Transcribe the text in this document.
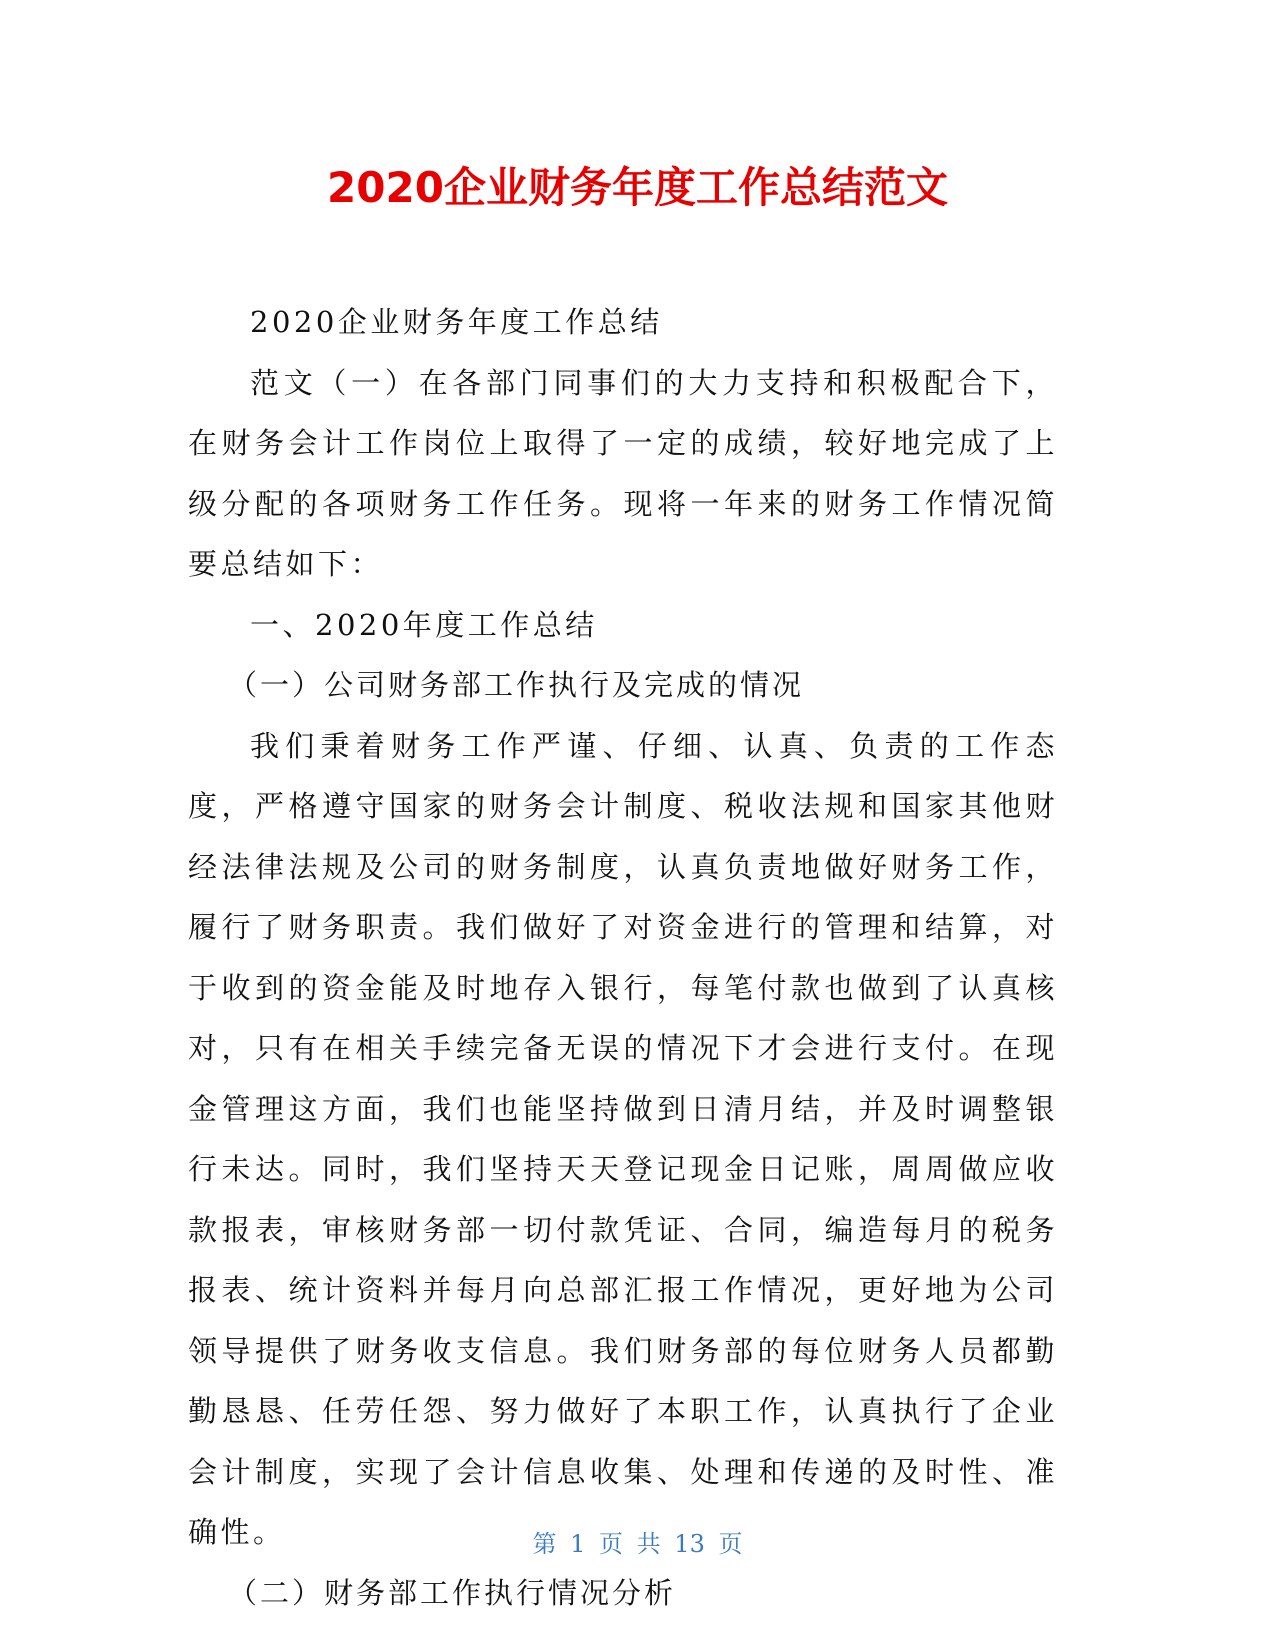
2020企业财务年度工作总结范文

2020企业财务年度工作总结

范文（一）在各部门同事们的大力支持和积极配合下，在财务会计工作岗位上取得了一定的成绩，较好地完成了上级分配的各项财务工作任务。现将一年来的财务工作情况简要总结如下：

一、2020年度工作总结

（一）公司财务部工作执行及完成的情况

我们秉着财务工作严谨、仔细、认真、负责的工作态度，严格遵守国家的财务会计制度、税收法规和国家其他财经法律法规及公司的财务制度，认真负责地做好财务工作，履行了财务职责。我们做好了对资金进行的管理和结算，对于收到的资金能及时地存入银行，每笔付款也做到了认真核对，只有在相关手续完备无误的情况下才会进行支付。在现金管理这方面，我们也能坚持做到日清月结，并及时调整银行未达。同时，我们坚持天天登记现金日记账，周周做应收款报表，审核财务部一切付款凭证、合同，编造每月的税务报表、统计资料并每月向总部汇报工作情况，更好地为公司领导提供了财务收支信息。我们财务部的每位财务人员都勤勤恳恳、任劳任怨、努力做好了本职工作，认真执行了企业会计制度，实现了会计信息收集、处理和传递的及时性、准确性。

（二）财务部工作执行情况分析

第 1 页 共 13 页
